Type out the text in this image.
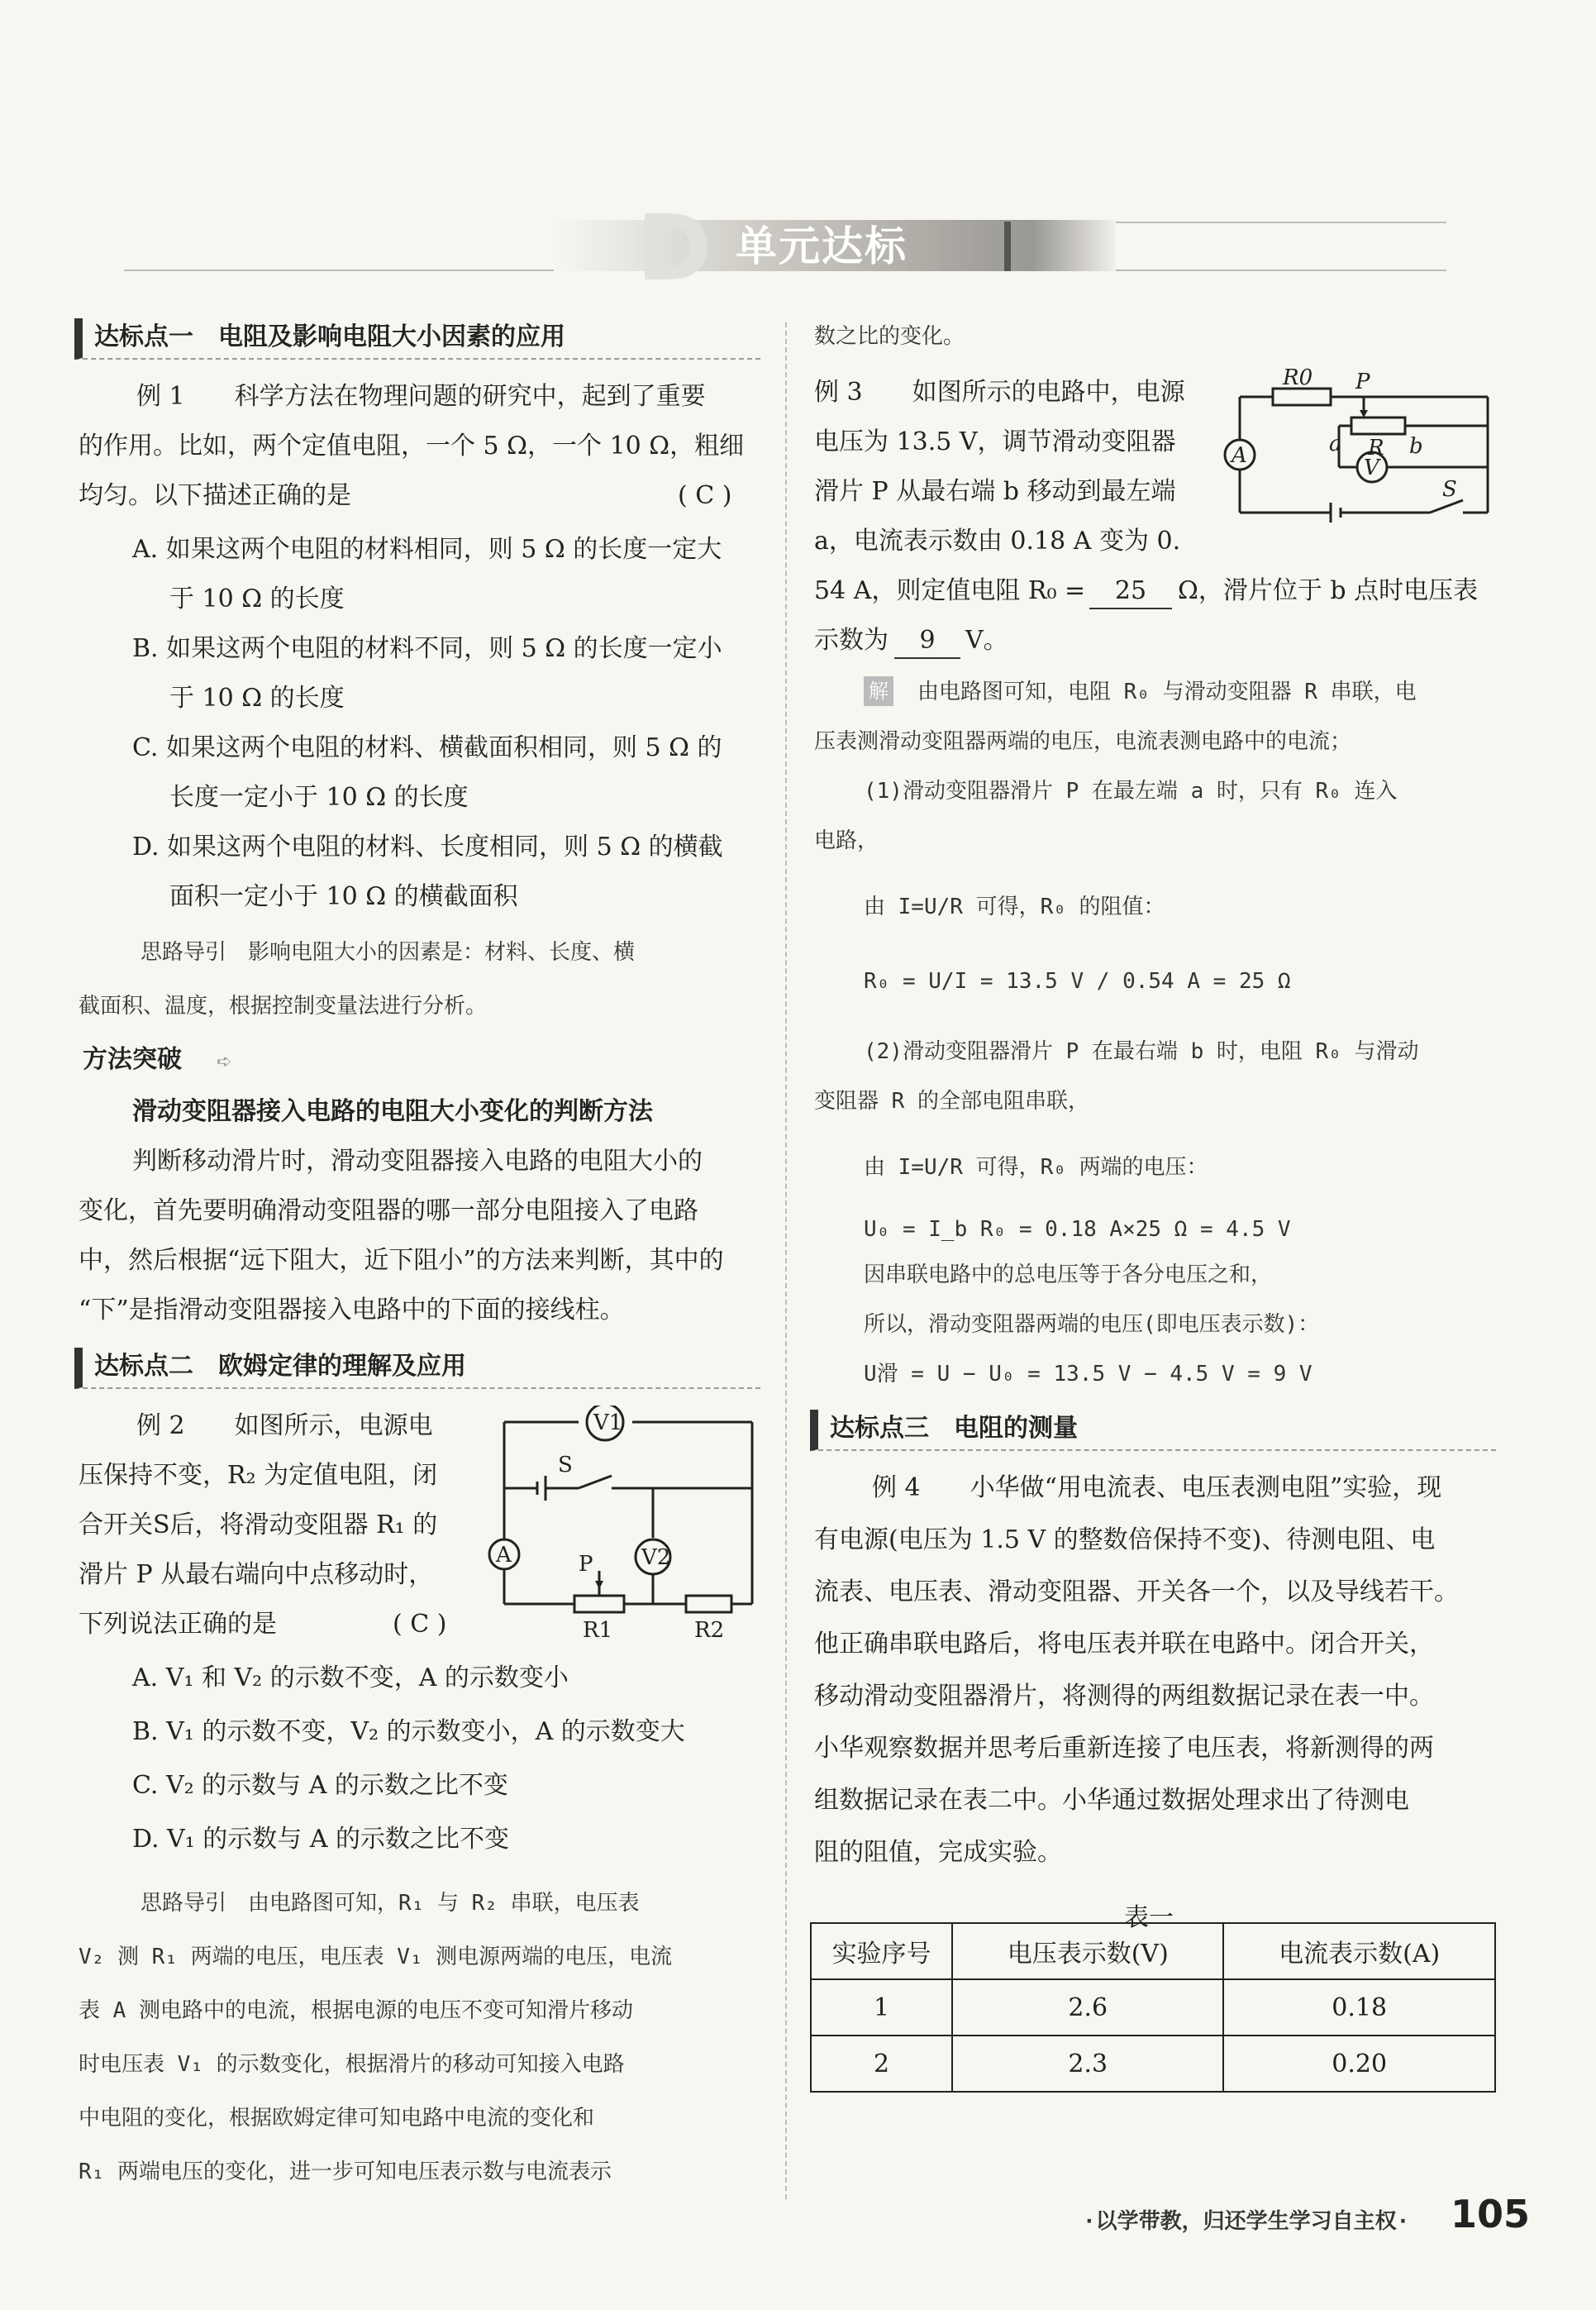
D 单元达标
达标点一　电阻及影响电阻大小因素的应用
例 1　　科学方法在物理问题的研究中，起到了重要
的作用。比如，两个定值电阻，一个 5 Ω，一个 10 Ω，粗细
均匀。以下描述正确的是	( C )
A. 如果这两个电阻的材料相同，则 5 Ω 的长度一定大
于 10 Ω 的长度
B. 如果这两个电阻的材料不同，则 5 Ω 的长度一定小
于 10 Ω 的长度
C. 如果这两个电阻的材料、横截面积相同，则 5 Ω 的
长度一定小于 10 Ω 的长度
D. 如果这两个电阻的材料、长度相同，则 5 Ω 的横截
面积一定小于 10 Ω 的横截面积
思路导引　影响电阻大小的因素是：材料、长度、横
截面积、温度，根据控制变量法进行分析。
方法突破 ➪
滑动变阻器接入电路的电阻大小变化的判断方法
判断移动滑片时，滑动变阻器接入电路的电阻大小的
变化，首先要明确滑动变阻器的哪一部分电阻接入了电路
中，然后根据“远下阻大，近下阻小”的方法来判断，其中的
“下”是指滑动变阻器接入电路中的下面的接线柱。
达标点二　欧姆定律的理解及应用
例 2　　如图所示，电源电
压保持不变，R₂ 为定值电阻，闭
合开关S后，将滑动变阻器 R₁ 的
滑片 P 从最右端向中点移动时，
下列说法正确的是	( C )
V1
S
A	V2
P
R1	R2
A. V₁ 和 V₂ 的示数不变，A 的示数变小
B. V₁ 的示数不变，V₂ 的示数变小，A 的示数变大
C. V₂ 的示数与 A 的示数之比不变
D. V₁ 的示数与 A 的示数之比不变
思路导引　由电路图可知，R₁ 与 R₂ 串联，电压表
V₂ 测 R₁ 两端的电压，电压表 V₁ 测电源两端的电压，电流
表 A 测电路中的电流，根据电源的电压不变可知滑片移动
时电压表 V₁ 的示数变化，根据滑片的移动可知接入电路
中电阻的变化，根据欧姆定律可知电路中电流的变化和
R₁ 两端电压的变化，进一步可知电压表示数与电流表示
数之比的变化。
例 3　　如图所示的电路中，电源
电压为 13.5 V，调节滑动变阻器
滑片 P 从最右端 b 移动到最左端
a，电流表示数由 0.18 A 变为 0.
54 A，则定值电阻 R₀ =	25	Ω，滑片位于 b 点时电压表
示数为	9	V。
R0 P
a R b
A	V
S
解 由电路图可知，电阻 R₀ 与滑动变阻器 R 串联，电
压表测滑动变阻器两端的电压，电流表测电路中的电流；
(1)滑动变阻器滑片 P 在最左端 a 时，只有 R₀ 连入
电路，
由 I=U/R 可得，R₀ 的阻值：
R₀ = U/I = 13.5 V / 0.54 A = 25 Ω
(2)滑动变阻器滑片 P 在最右端 b 时，电阻 R₀ 与滑动
变阻器 R 的全部电阻串联，
由 I=U/R 可得，R₀ 两端的电压：
U₀ = I_b R₀ = 0.18 A×25 Ω = 4.5 V
因串联电路中的总电压等于各分电压之和，
所以，滑动变阻器两端的电压(即电压表示数)：
U滑 = U − U₀ = 13.5 V − 4.5 V = 9 V
达标点三　电阻的测量
例 4　　小华做“用电流表、电压表测电阻”实验，现
有电源(电压为 1.5 V 的整数倍保持不变)、待测电阻、电
流表、电压表、滑动变阻器、开关各一个，以及导线若干。
他正确串联电路后，将电压表并联在电路中。闭合开关，
移动滑动变阻器滑片，将测得的两组数据记录在表一中。
小华观察数据并思考后重新连接了电压表，将新测得的两
组数据记录在表二中。小华通过数据处理求出了待测电
阻的阻值，完成实验。
表一
实验序号	电压表示数(V)	电流表示数(A)
1	2.6	0.18
2	2.3	0.20
·以学带教，归还学生学习自主权· 105
